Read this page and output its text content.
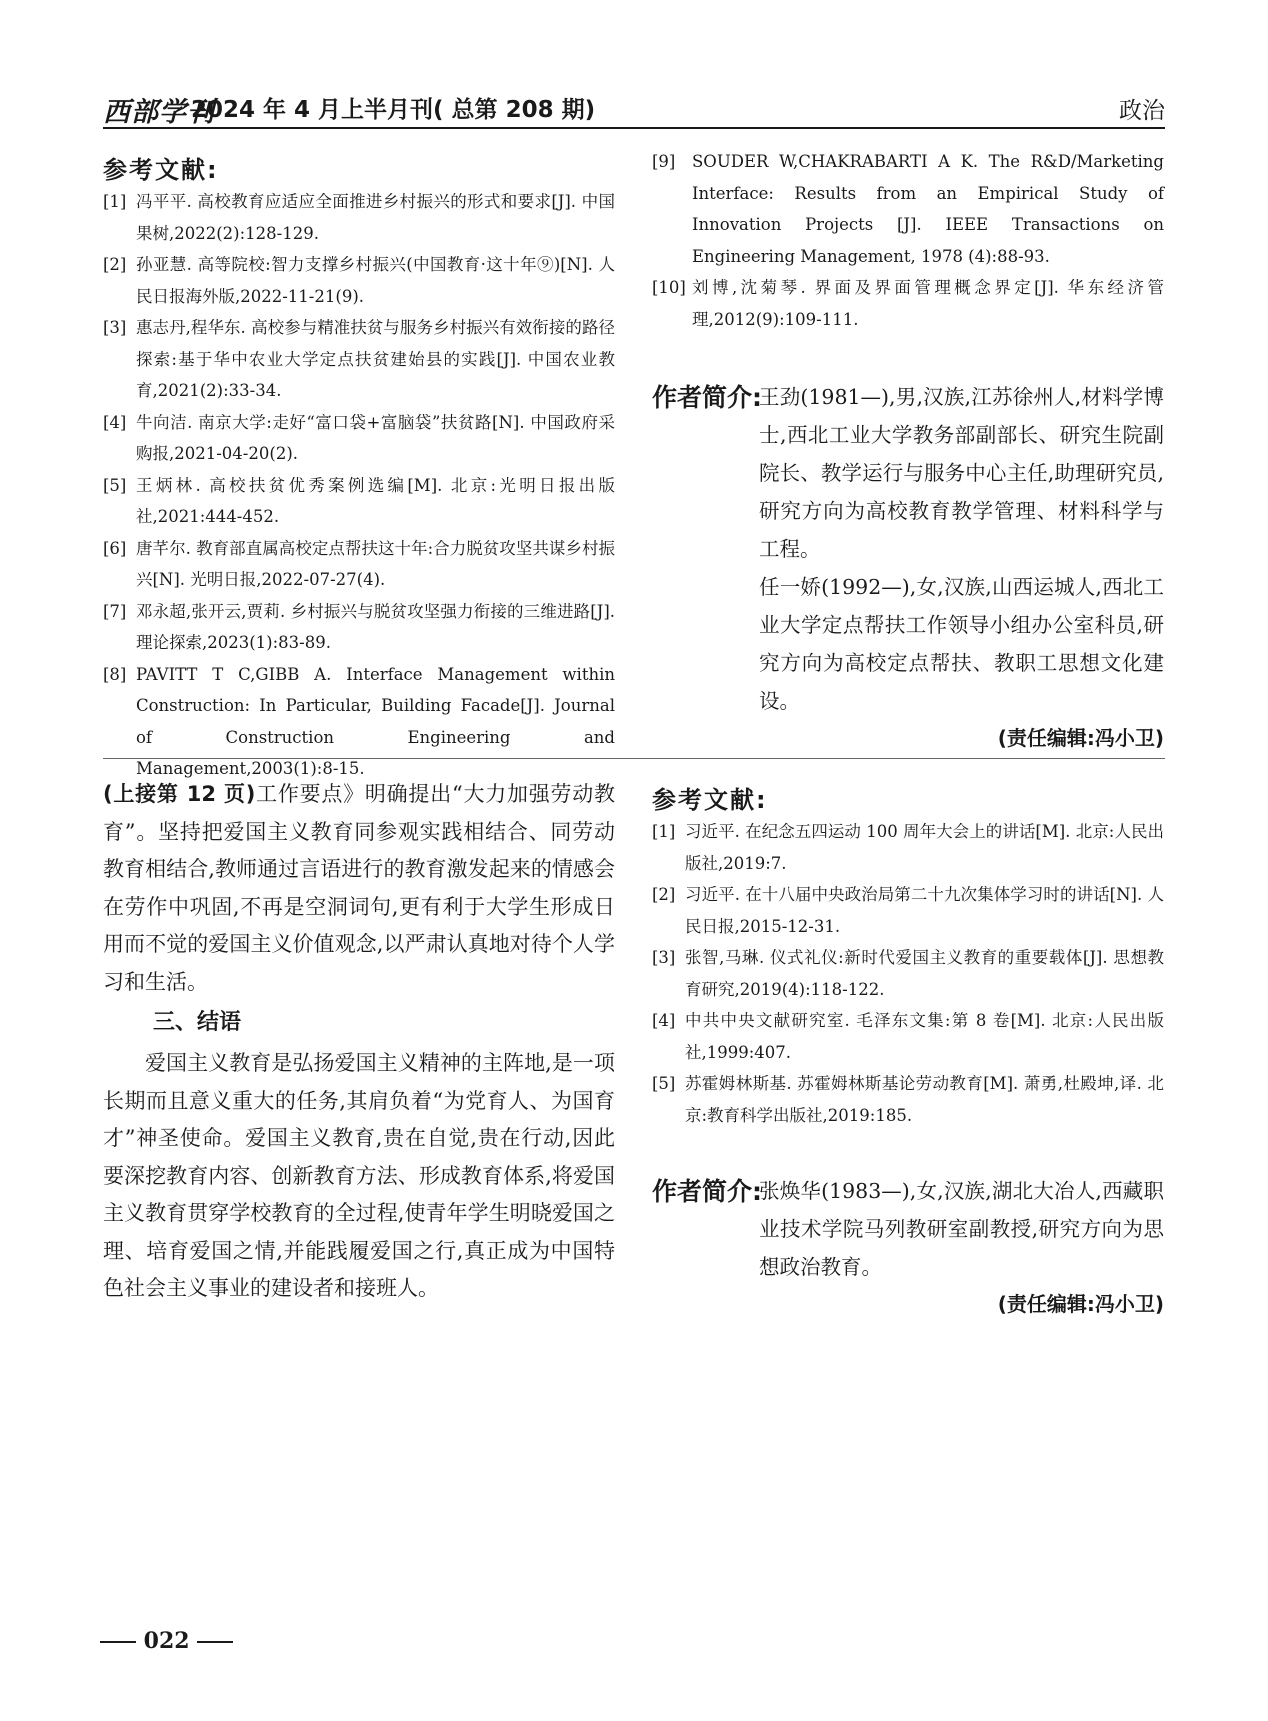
西部学刊
2024 年 4 月上半月刊( 总第 208 期)	政治
参考文献:
[1] 冯平平. 高校教育应适应全面推进乡村振兴的形式和要求[J]. 中国果树,2022(2):128-129.
[2] 孙亚慧. 高等院校:智力支撑乡村振兴(中国教育·这十年⑨)[N]. 人民日报海外版,2022-11-21(9).
[3] 惠志丹,程华东. 高校参与精准扶贫与服务乡村振兴有效衔接的路径探索:基于华中农业大学定点扶贫建始县的实践[J]. 中国农业教育,2021(2):33-34.
[4] 牛向洁. 南京大学:走好“富口袋+富脑袋”扶贫路[N]. 中国政府采购报,2021-04-20(2).
[5] 王炳林. 高校扶贫优秀案例选编[M]. 北京:光明日报出版社,2021:444-452.
[6] 唐芊尔. 教育部直属高校定点帮扶这十年:合力脱贫攻坚共谋乡村振兴[N]. 光明日报,2022-07-27(4).
[7] 邓永超,张开云,贾莉. 乡村振兴与脱贫攻坚强力衔接的三维进路[J]. 理论探索,2023(1):83-89.
[8] PAVITT T C,GIBB A. Interface Management within Construction: In Particular, Building Facade[J]. Journal of Construction Engineering and Management,2003(1):8-15.
[9] SOUDER W,CHAKRABARTI A K. The R&D/Marketing Interface: Results from an Empirical Study of Innovation Projects [J]. IEEE Transactions on Engineering Management, 1978 (4):88-93.
[10] 刘博,沈菊琴. 界面及界面管理概念界定[J]. 华东经济管理,2012(9):109-111.
作者简介:

王劲(1981—),男,汉族,江苏徐州人,材料学博士,西北工业大学教务部副部长、研究生院副院长、教学运行与服务中心主任,助理研究员,研究方向为高校教育教学管理、材料科学与工程。

任一娇(1992—),女,汉族,山西运城人,西北工业大学定点帮扶工作领导小组办公室科员,研究方向为高校定点帮扶、教职工思想文化建设。

(责任编辑:冯小卫)

(上接第 12 页)工作要点》明确提出“大力加强劳动教育”。坚持把爱国主义教育同参观实践相结合、同劳动教育相结合,教师通过言语进行的教育激发起来的情感会在劳作中巩固,不再是空洞词句,更有利于大学生形成日用而不觉的爱国主义价值观念,以严肃认真地对待个人学习和生活。

三、结语

爱国主义教育是弘扬爱国主义精神的主阵地,是一项长期而且意义重大的任务,其肩负着“为党育人、为国育才”神圣使命。爱国主义教育,贵在自觉,贵在行动,因此要深挖教育内容、创新教育方法、形成教育体系,将爱国主义教育贯穿学校教育的全过程,使青年学生明晓爱国之理、培育爱国之情,并能践履爱国之行,真正成为中国特色社会主义事业的建设者和接班人。

参考文献:
[1] 习近平. 在纪念五四运动 100 周年大会上的讲话[M]. 北京:人民出版社,2019:7.
[2] 习近平. 在十八届中央政治局第二十九次集体学习时的讲话[N]. 人民日报,2015-12-31.
[3] 张智,马琳. 仪式礼仪:新时代爱国主义教育的重要载体[J]. 思想教育研究,2019(4):118-122.
[4] 中共中央文献研究室. 毛泽东文集:第 8 卷[M]. 北京:人民出版社,1999:407.
[5] 苏霍姆林斯基. 苏霍姆林斯基论劳动教育[M]. 萧勇,杜殿坤,译. 北京:教育科学出版社,2019:185.
作者简介:

张焕华(1983—),女,汉族,湖北大冶人,西藏职业技术学院马列教研室副教授,研究方向为思想政治教育。

(责任编辑:冯小卫)
022
